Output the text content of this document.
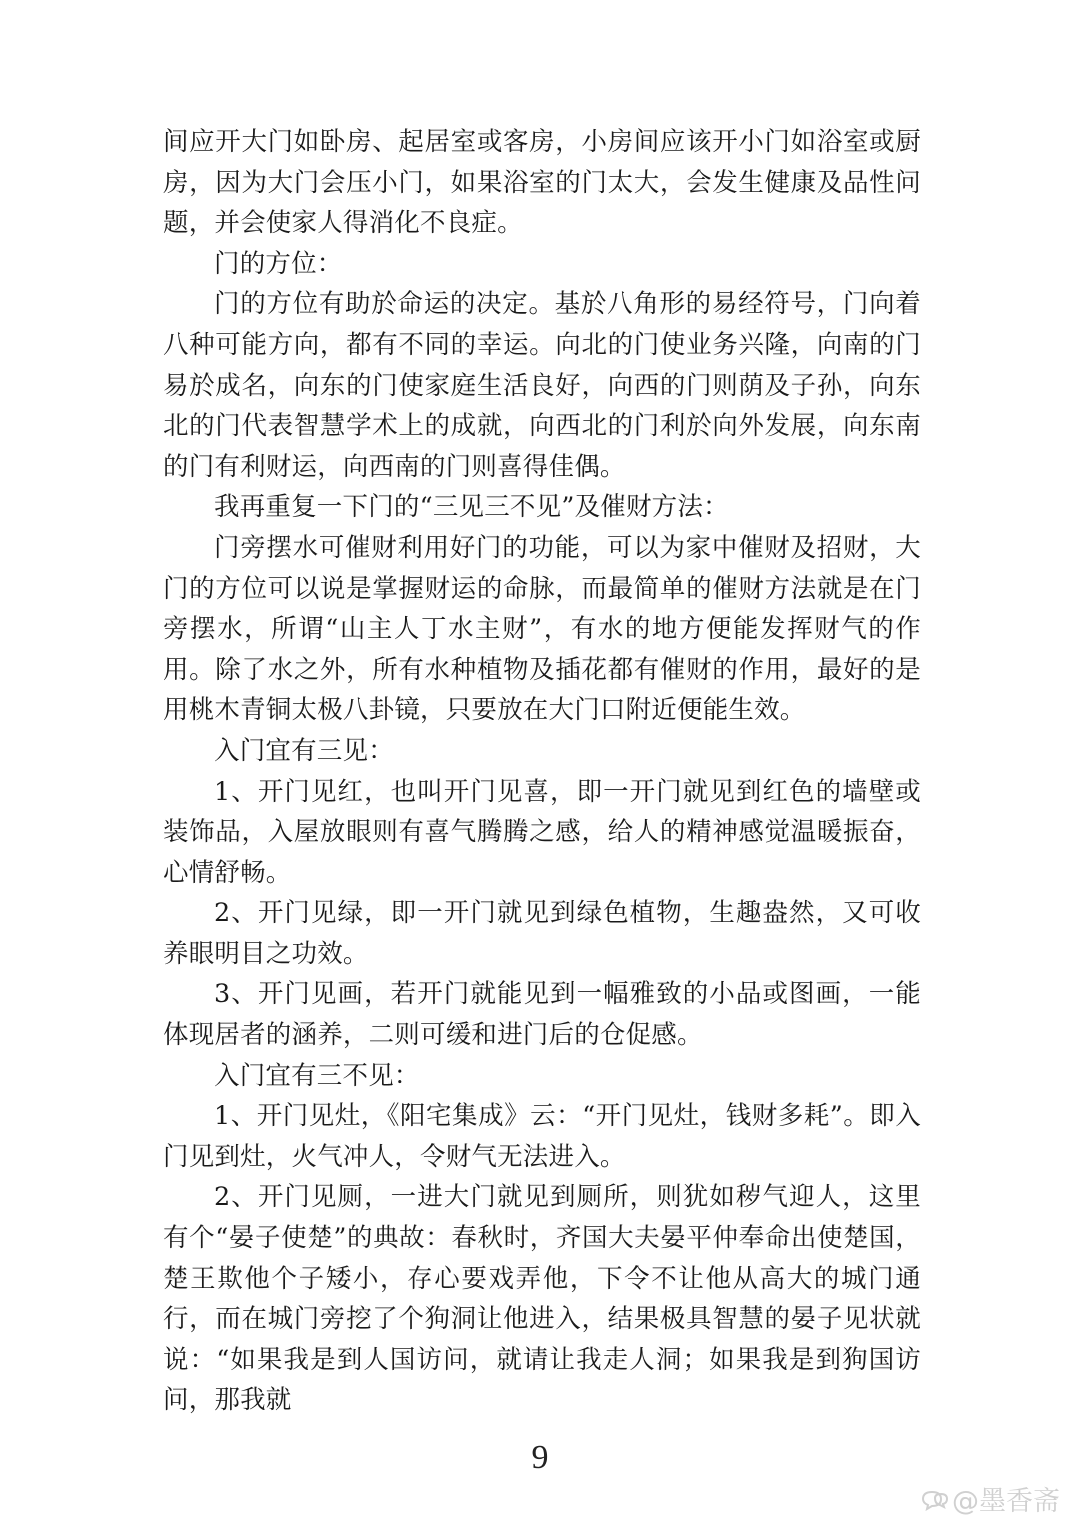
间应开大门如卧房、起居室或客房，小房间应该开小门如浴室或厨房，因为大门会压小门，如果浴室的门太大，会发生健康及品性问题，并会使家人得消化不良症。

门的方位：

门的方位有助於命运的决定。基於八角形的易经符号，门向着八种可能方向，都有不同的幸运。向北的门使业务兴隆，向南的门易於成名，向东的门使家庭生活良好，向西的门则荫及子孙，向东北的门代表智慧学术上的成就，向西北的门利於向外发展，向东南的门有利财运，向西南的门则喜得佳偶。

我再重复一下门的“三见三不见”及催财方法：

门旁摆水可催财利用好门的功能，可以为家中催财及招财，大门的方位可以说是掌握财运的命脉，而最简单的催财方法就是在门旁摆水，所谓“山主人丁水主财”，有水的地方便能发挥财气的作用。除了水之外，所有水种植物及插花都有催财的作用，最好的是用桃木青铜太极八卦镜，只要放在大门口附近便能生效。

入门宜有三见：

1、开门见红，也叫开门见喜，即一开门就见到红色的墙壁或装饰品，入屋放眼则有喜气腾腾之感，给人的精神感觉温暖振奋，心情舒畅。

2、开门见绿，即一开门就见到绿色植物，生趣盎然，又可收养眼明目之功效。

3、开门见画，若开门就能见到一幅雅致的小品或图画，一能体现居者的涵养，二则可缓和进门后的仓促感。

入门宜有三不见：

1、开门见灶，《阳宅集成》云：“开门见灶，钱财多耗”。即入门见到灶，火气冲人，令财气无法进入。

2、开门见厕，一进大门就见到厕所，则犹如秽气迎人，这里有个“晏子使楚”的典故：春秋时，齐国大夫晏平仲奉命出使楚国，楚王欺他个子矮小，存心要戏弄他，下令不让他从高大的城门通行，而在城门旁挖了个狗洞让他进入，结果极具智慧的晏子见状就说：“如果我是到人国访问，就请让我走人洞；如果我是到狗国访问，那我就

9
@墨香斋
